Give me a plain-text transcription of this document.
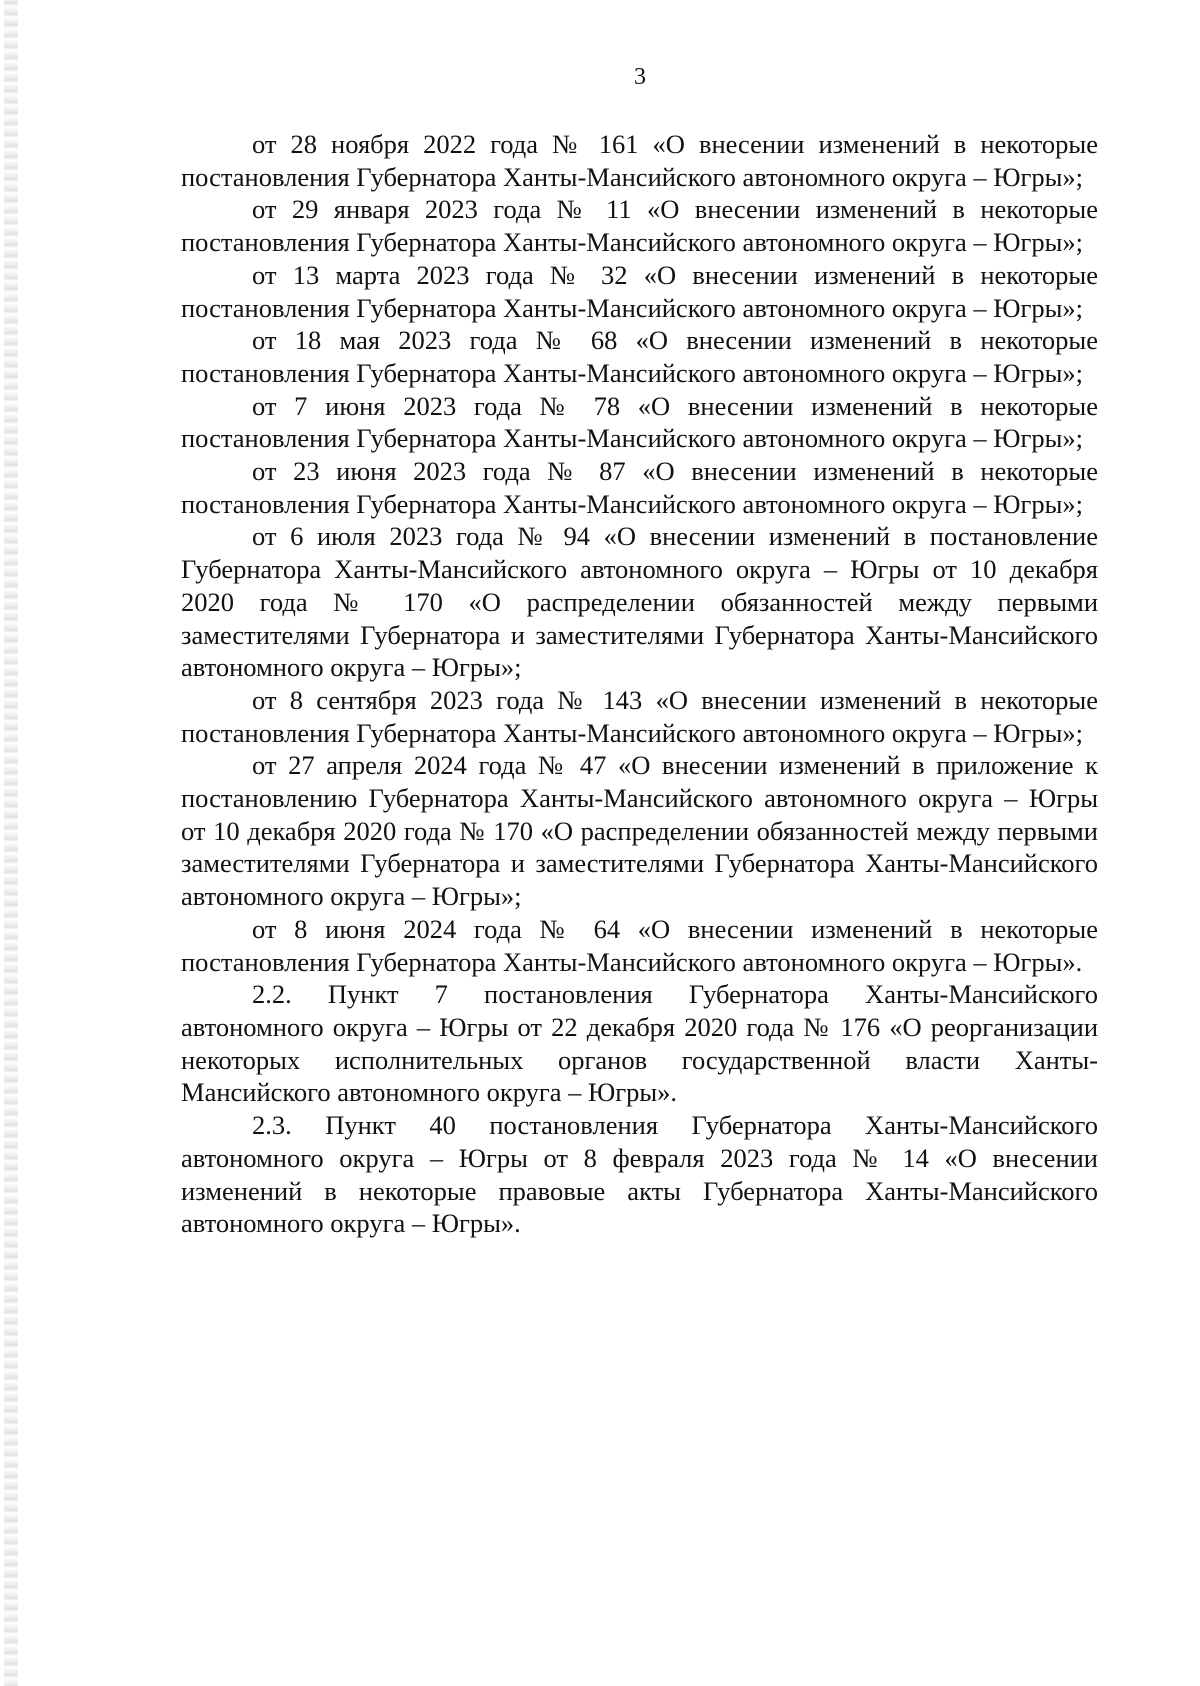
3

от 28 ноября 2022 года № 161 «О внесении изменений в некоторые постановления Губернатора Ханты-Мансийского автономного округа – Югры»;

от 29 января 2023 года № 11 «О внесении изменений в некоторые постановления Губернатора Ханты-Мансийского автономного округа – Югры»;

от 13 марта 2023 года № 32 «О внесении изменений в некоторые постановления Губернатора Ханты-Мансийского автономного округа – Югры»;

от 18 мая 2023 года № 68 «О внесении изменений в некоторые постановления Губернатора Ханты-Мансийского автономного округа – Югры»;

от 7 июня 2023 года № 78 «О внесении изменений в некоторые постановления Губернатора Ханты-Мансийского автономного округа – Югры»;

от 23 июня 2023 года № 87 «О внесении изменений в некоторые постановления Губернатора Ханты-Мансийского автономного округа – Югры»;

от 6 июля 2023 года № 94 «О внесении изменений в постановление Губернатора Ханты-Мансийского автономного округа – Югры от 10 декабря 2020 года № 170 «О распределении обязанностей между первыми заместителями Губернатора и заместителями Губернатора Ханты-Мансийского автономного округа – Югры»;

от 8 сентября 2023 года № 143 «О внесении изменений в некоторые постановления Губернатора Ханты-Мансийского автономного округа – Югры»;

от 27 апреля 2024 года № 47 «О внесении изменений в приложение к постановлению Губернатора Ханты-Мансийского автономного округа – Югры от 10 декабря 2020 года № 170 «О распределении обязанностей между первыми заместителями Губернатора и заместителями Губернатора Ханты-Мансийского автономного округа – Югры»;

от 8 июня 2024 года № 64 «О внесении изменений в некоторые постановления Губернатора Ханты-Мансийского автономного округа – Югры».

2.2. Пункт 7 постановления Губернатора Ханты-Мансийского автономного округа – Югры от 22 декабря 2020 года № 176 «О реорганизации некоторых исполнительных органов государственной власти Ханты-Мансийского автономного округа – Югры».

2.3. Пункт 40 постановления Губернатора Ханты-Мансийского автономного округа – Югры от 8 февраля 2023 года № 14 «О внесении изменений в некоторые правовые акты Губернатора Ханты-Мансийского автономного округа – Югры».
